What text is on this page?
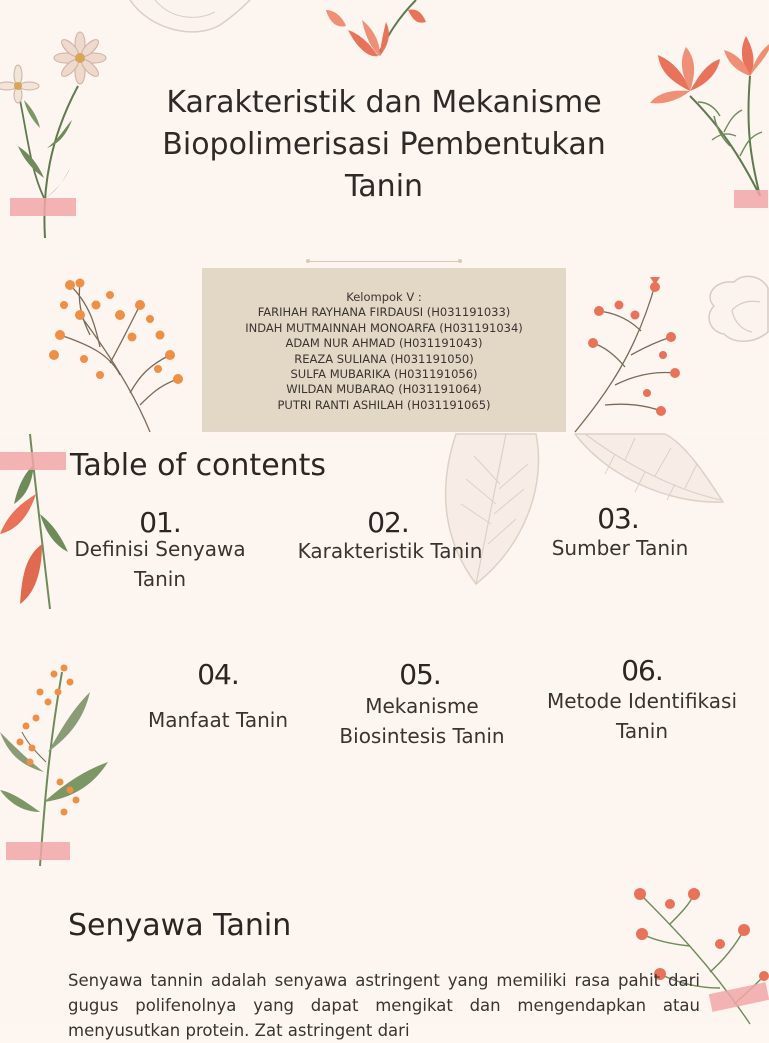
Karakteristik dan Mekanisme Biopolimerisasi Pembentukan Tanin
Kelompok V :
FARIHAH RAYHANA FIRDAUSI (H031191033)
INDAH MUTMAINNAH MONOARFA (H031191034)
ADAM NUR AHMAD (H031191043)
REAZA SULIANA (H031191050)
SULFA MUBARIKA (H031191056)
WILDAN MUBARAQ (H031191064)
PUTRI RANTI ASHILAH (H031191065)
Table of contents
01.
Definisi Senyawa Tanin
02.
Karakteristik Tanin
03.
Sumber Tanin
04.
Manfaat Tanin
05.
Mekanisme Biosintesis Tanin
06.
Metode Identifikasi Tanin
Senyawa Tanin

Senyawa tannin adalah senyawa astringent yang memiliki rasa pahit dari gugus polifenolnya yang dapat mengikat dan mengendapkan atau menyusutkan protein. Zat astringent dari
